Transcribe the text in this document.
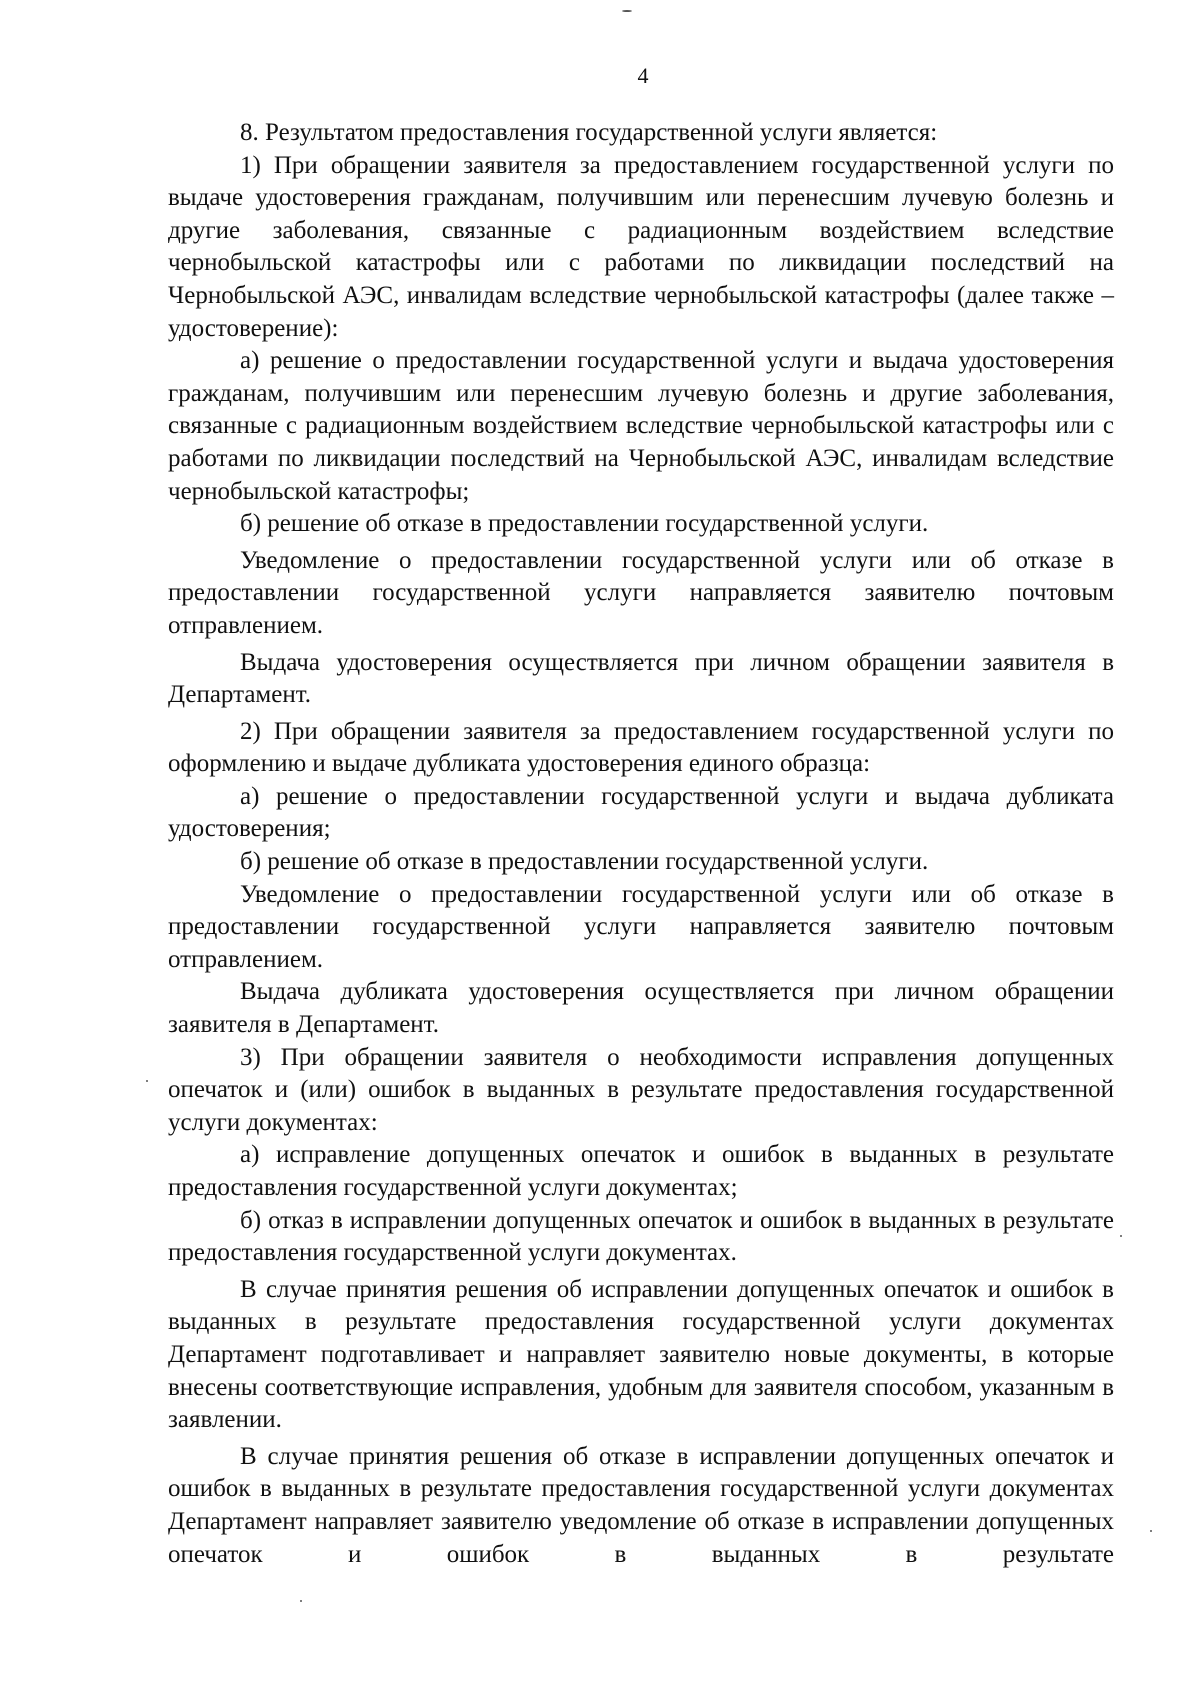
4

8. Результатом предоставления государственной услуги является:

1) При обращении заявителя за предоставлением государственной услуги по выдаче удостоверения гражданам, получившим или перенесшим лучевую болезнь и другие заболевания, связанные с радиационным воздействием вследствие чернобыльской катастрофы или с работами по ликвидации последствий на Чернобыльской АЭС, инвалидам вследствие чернобыльской катастрофы (далее также –удостоверение):

а) решение о предоставлении государственной услуги и выдача удостоверения гражданам, получившим или перенесшим лучевую болезнь и другие заболевания, связанные с радиационным воздействием вследствие чернобыльской катастрофы или с работами по ликвидации последствий на Чернобыльской АЭС, инвалидам вследствие чернобыльской катастрофы;

б) решение об отказе в предоставлении государственной услуги.

Уведомление о предоставлении государственной услуги или об отказе в предоставлении государственной услуги направляется заявителю почтовым отправлением.

Выдача удостоверения осуществляется при личном обращении заявителя в Департамент.

2) При обращении заявителя за предоставлением государственной услуги по оформлению и выдаче дубликата удостоверения единого образца:

а) решение о предоставлении государственной услуги и выдача дубликата удостоверения;

б) решение об отказе в предоставлении государственной услуги.

Уведомление о предоставлении государственной услуги или об отказе в предоставлении государственной услуги направляется заявителю почтовым отправлением.

Выдача дубликата удостоверения осуществляется при личном обращении заявителя в Департамент.

3) При обращении заявителя о необходимости исправления допущенных опечаток и (или) ошибок в выданных в результате предоставления государственной услуги документах:

а) исправление допущенных опечаток и ошибок в выданных в результате предоставления государственной услуги документах;

б) отказ в исправлении допущенных опечаток и ошибок в выданных в результате предоставления государственной услуги документах.

В случае принятия решения об исправлении допущенных опечаток и ошибок в выданных в результате предоставления государственной услуги документах Департамент подготавливает и направляет заявителю новые документы, в которые внесены соответствующие исправления, удобным для заявителя способом, указанным в заявлении.

В случае принятия решения об отказе в исправлении допущенных опечаток и ошибок в выданных в результате предоставления государственной услуги документах Департамент направляет заявителю уведомление об отказе в исправлении допущенных опечаток и ошибок в выданных в результате
